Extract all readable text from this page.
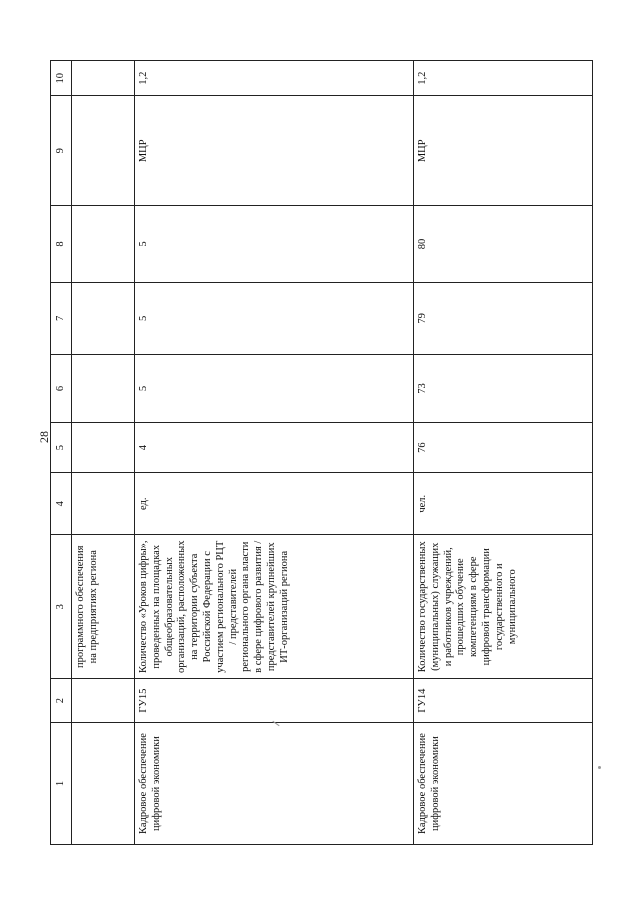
28
1	2	3	4	5	6	7	8	9	10
		программного обеспечения на предприятиях региона							
Кадровое обеспечение цифровой экономики	ГУ15	Количество «Уроков цифры», проведенных на площадках общеобразовательных организаций, расположенных на территории субъекта Российской Федерации с участием регионального РЦТ / представителей регионального органа власти в сфере цифрового развития / представителей крупнейших ИТ-организаций региона	ед.	4	5	5	5	МЦР	1,2
Кадровое обеспечение цифровой экономики	ГУ14	Количество государственных (муниципальных) служащих и работников учреждений, прошедших обучение компетенциям в сфере цифровой трансформации государственного и муниципального	чел.	76	73	79	80	МЦР	1,2
